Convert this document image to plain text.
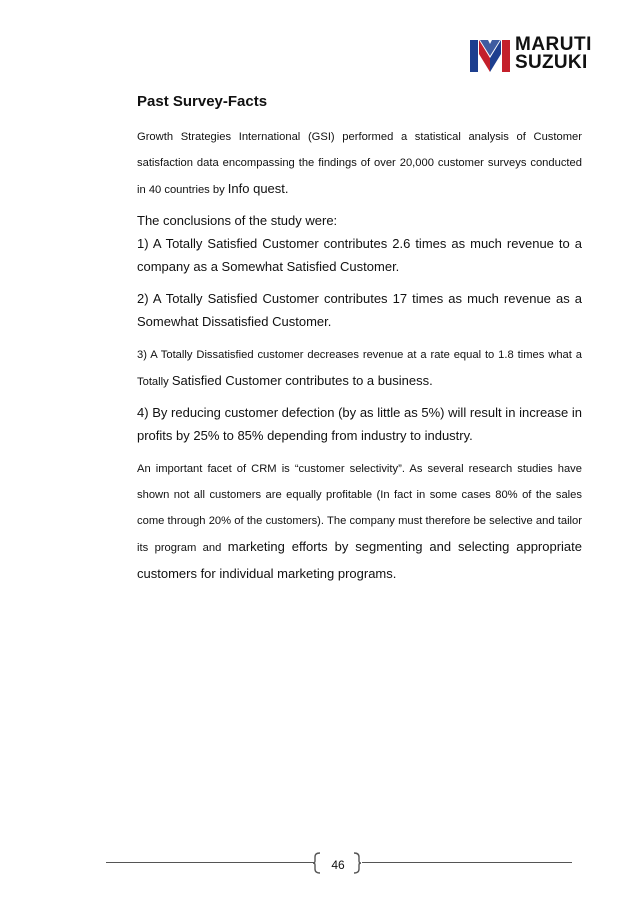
MARUTI
SUZUKI
Past Survey-Facts

Growth Strategies International (GSI) performed a statistical analysis of Customer satisfaction data encompassing the findings of over 20,000 customer surveys conducted in 40 countries by Info quest.

The conclusions of the study were:

1) A Totally Satisfied Customer contributes 2.6 times as much revenue to a company as a Somewhat Satisfied Customer.

2) A Totally Satisfied Customer contributes 17 times as much revenue as a Somewhat Dissatisfied Customer.

3) A Totally Dissatisfied customer decreases revenue at a rate equal to 1.8 times what a Totally Satisfied Customer contributes to a business.

4) By reducing customer defection (by as little as 5%) will result in increase in profits by 25% to 85% depending from industry to industry.

An important facet of CRM is “customer selectivity”. As several research studies have shown not all customers are equally profitable (In fact in some cases 80% of the sales come through 20% of the customers). The company must therefore be selective and tailor its program and marketing efforts by segmenting and selecting appropriate customers for individual marketing programs.

46
